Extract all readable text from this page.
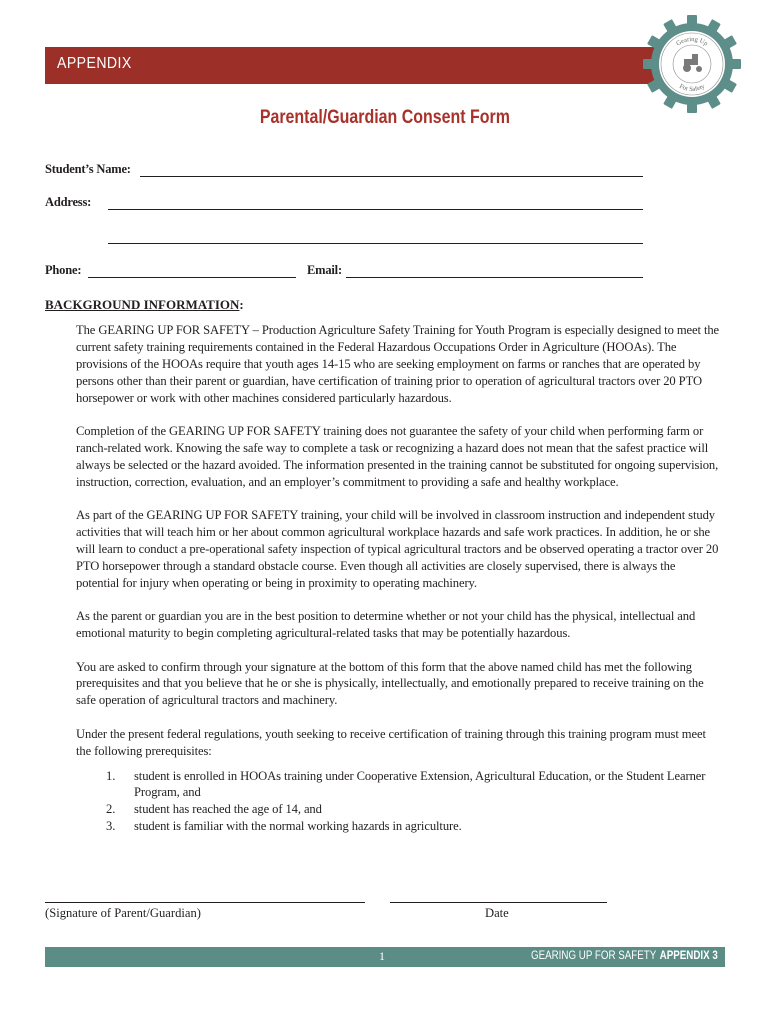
APPENDIX
Gearing Up
For Safety
Parental/Guardian Consent Form
Student’s Name:
Address:
Phone:	Email:
BACKGROUND INFORMATION:

The GEARING UP FOR SAFETY – Production Agriculture Safety Training for Youth Program is especially designed to meet the current safety training requirements contained in the Federal Hazardous Occupations Order in Agriculture (HOOAs). The provisions of the HOOAs require that youth ages 14-15 who are seeking employment on farms or ranches that are operated by persons other than their parent or guardian, have certification of training prior to operation of agricultural tractors over 20 PTO horsepower or work with other machines considered particularly hazardous.

Completion of the GEARING UP FOR SAFETY training does not guarantee the safety of your child when performing farm or ranch-related work. Knowing the safe way to complete a task or recognizing a hazard does not mean that the safest practice will always be selected or the hazard avoided. The information presented in the training cannot be substituted for ongoing supervision, instruction, correction, evaluation, and an employer’s commitment to providing a safe and healthy workplace.

As part of the GEARING UP FOR SAFETY training, your child will be involved in classroom instruction and independent study activities that will teach him or her about common agricultural workplace hazards and safe work practices. In addition, he or she will learn to conduct a pre-operational safety inspection of typical agricultural tractors and be observed operating a tractor over 20 PTO horsepower through a standard obstacle course. Even though all activities are closely supervised, there is always the potential for injury when operating or being in proximity to operating machinery.

As the parent or guardian you are in the best position to determine whether or not your child has the physical, intellectual and emotional maturity to begin completing agricultural-related tasks that may be potentially hazardous.

You are asked to confirm through your signature at the bottom of this form that the above named child has met the following prerequisites and that you believe that he or she is physically, intellectually, and emotionally prepared to receive training on the safe operation of agricultural tractors and machinery.

Under the present federal regulations, youth seeking to receive certification of training through this training program must meet the following prerequisites:

1. student is enrolled in HOOAs training under Cooperative Extension, Agricultural Education, or the Student Learner Program, and
2. student has reached the age of 14, and
3. student is familiar with the normal working hazards in agriculture.
(Signature of Parent/Guardian)	Date
1	GEARING UP FOR SAFETY APPENDIX 3
